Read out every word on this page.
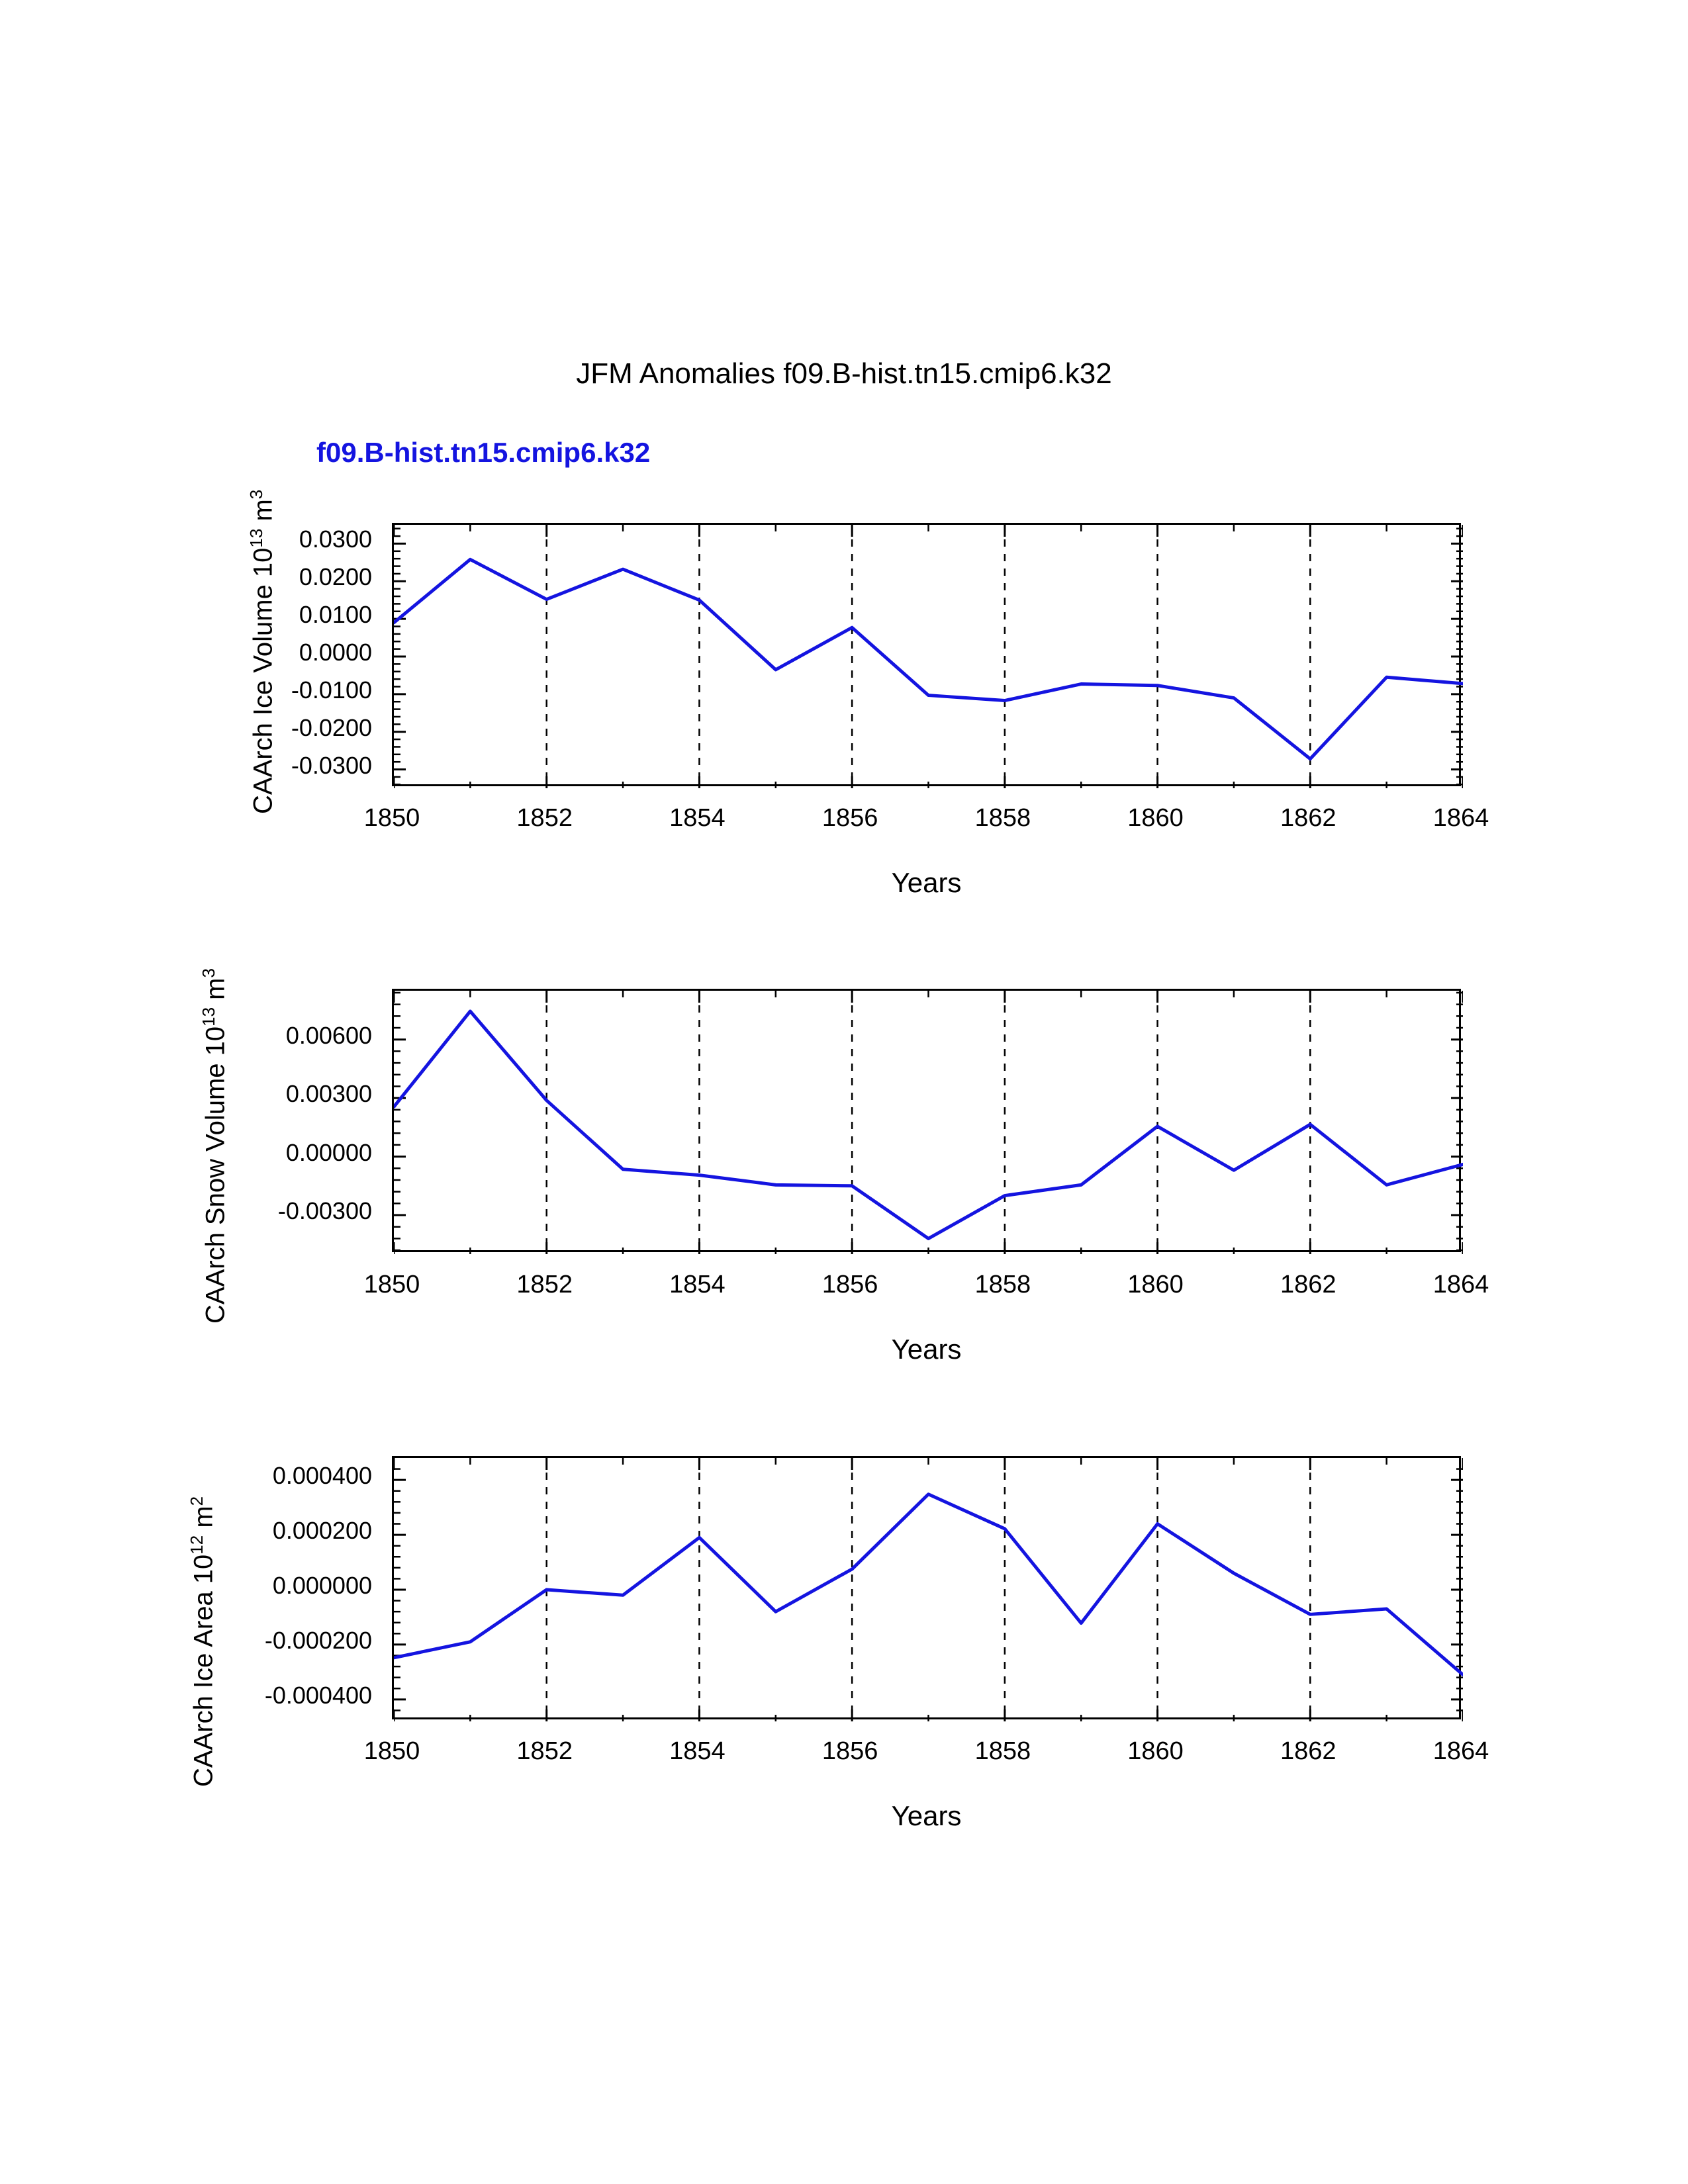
JFM Anomalies f09.B-hist.tn15.cmip6.k32
f09.B-hist.tn15.cmip6.k32
-0.0300
-0.0200
-0.0100
0.0000
0.0100
0.0200
0.0300
1850	1852	1854	1856	1858	1860	1862	1864
Years
CAArch Ice Volume $10^{13}$ $m^3$
-0.00300
0.00000
0.00300
0.00600
1850	1852	1854	1856	1858	1860	1862	1864
Years
CAArch Snow Volume $10^{13}$ $m^3$
-0.000400
-0.000200
0.000000
0.000200
0.000400
1850	1852	1854	1856	1858	1860	1862	1864
Years
CAArch Ice Area $10^{12}$ $m^2$
